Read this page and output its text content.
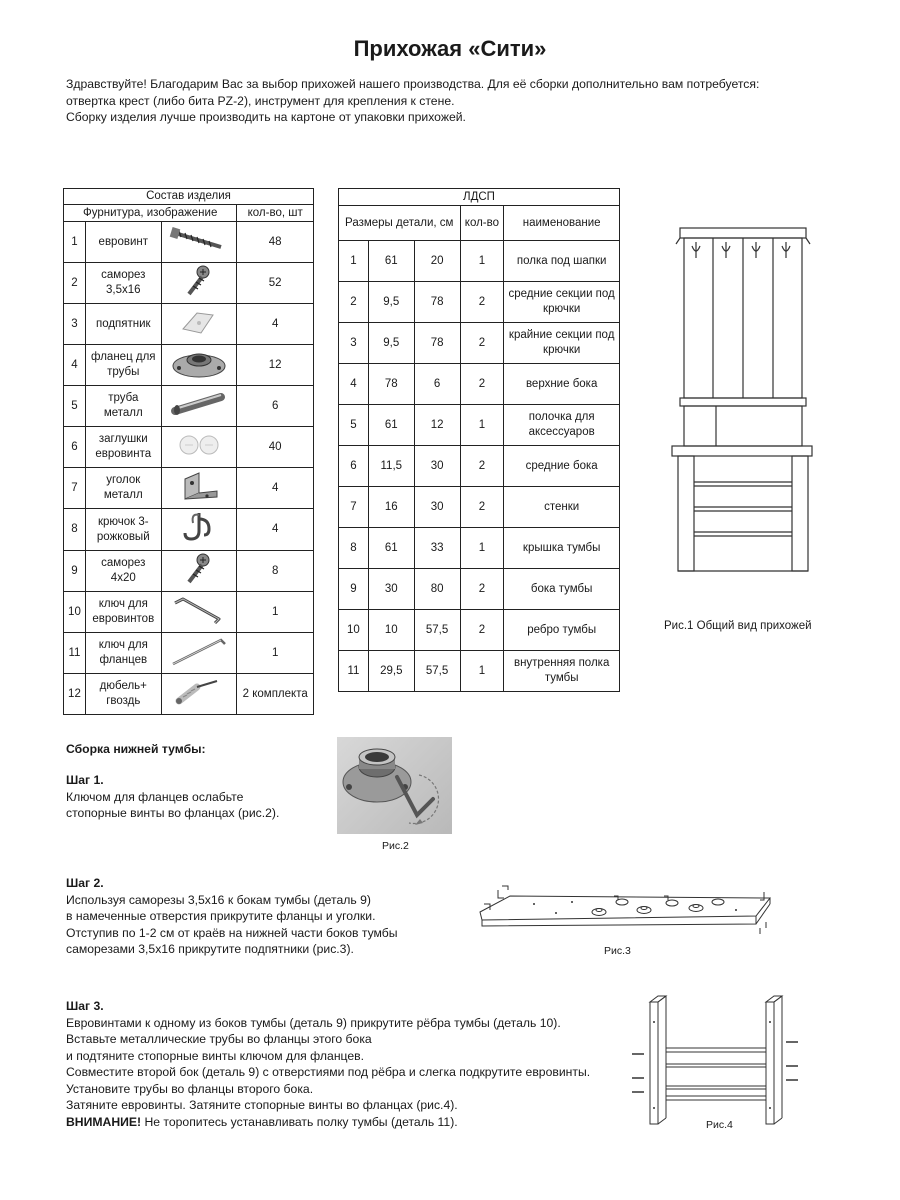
Прихожая «Сити»
Здравствуйте! Благодарим Вас за выбор прихожей нашего производства. Для её сборки дополнительно вам потребуется:
отвертка крест (либо бита PZ-2), инструмент для крепления к стене.
Сборку изделия лучше производить на картоне от упаковки прихожей.
Состав изделия			
Фурнитура, изображение			кол-во, шт
1	евровинт		48
2	саморез 3,5х16		52
3	подпятник		4
4	фланец для трубы		12
5	труба металл		6
6	заглушки евровинта		40
7	уголок металл		4
8	крючок 3-рожковый		4
9	саморез 4х20		8
10	ключ для евровинтов		1
11	ключ для фланцев		1
12	дюбель+ гвоздь		2 комплекта
ЛДСП				
Размеры детали, см			кол-во	наименование
1	61	20	1	полка под шапки
2	9,5	78	2	средние секции под крючки
3	9,5	78	2	крайние секции под крючки
4	78	6	2	верхние бока
5	61	12	1	полочка для аксессуаров
6	11,5	30	2	средние бока
7	16	30	2	стенки
8	61	33	1	крышка тумбы
9	30	80	2	бока тумбы
10	10	57,5	2	ребро тумбы
11	29,5	57,5	1	внутренняя полка тумбы
Рис.1 Общий вид прихожей
Сборка нижней тумбы:
Шаг 1.
Ключом для фланцев ослабьте
стопорные винты во фланцах (рис.2).
Рис.2
Шаг 2.
Используя саморезы 3,5х16 к бокам тумбы (деталь 9)
в намеченные отверстия прикрутите фланцы и уголки.
Отступив по 1-2 см от краёв на нижней части боков тумбы
саморезами 3,5х16 прикрутите подпятники (рис.3).	Рис.3
Шаг 3.
Евровинтами к одному из боков тумбы (деталь 9) прикрутите рёбра тумбы (деталь 10).
Вставьте металлические трубы во фланцы этого бока
и подтяните стопорные винты ключом для фланцев.
Совместите второй бок (деталь 9) с отверстиями под рёбра и слегка подкрутите евровинты.
Установите трубы во фланцы второго бока.
Затяните евровинты. Затяните стопорные винты во фланцах (рис.4).
ВНИМАНИЕ! Не торопитесь устанавливать полку тумбы (деталь 11).	Рис.4
